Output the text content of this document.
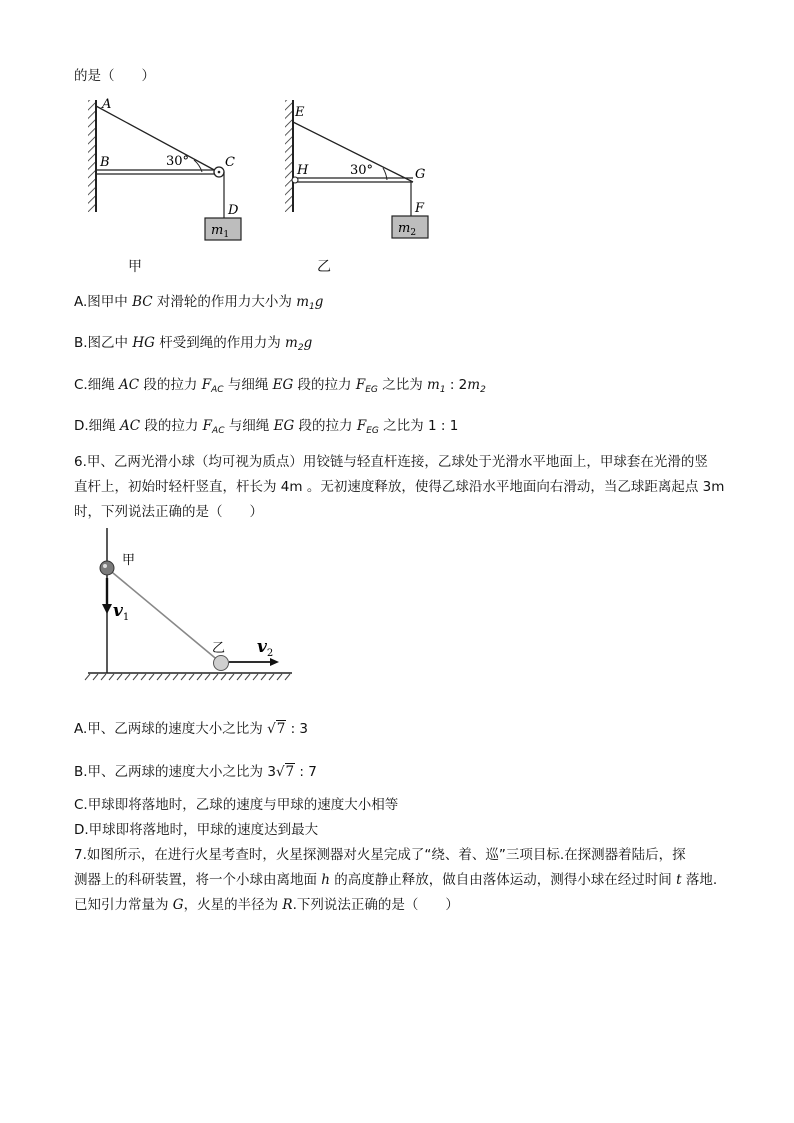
的是（　　）
A
B	C
D
30°
$m_1$
甲
E
H	G
F
30°
$m_2$
乙
A.图甲中 BC 对滑轮的作用力大小为 $m_1g$
B.图乙中 HG 杆受到绳的作用力为 $m_2g$
C.细绳 AC 段的拉力 $F_{AC}$ 与细绳 EG 段的拉力 $F_{EG}$ 之比为 $m_1$ : $2m_2$
D.细绳 AC 段的拉力 $F_{AC}$ 与细绳 EG 段的拉力 $F_{EG}$ 之比为 1 : 1
6.甲、乙两光滑小球（均可视为质点）用铰链与轻直杆连接，乙球处于光滑水平地面上，甲球套在光滑的竖
直杆上，初始时轻杆竖直，杆长为 4m 。无初速度释放，使得乙球沿水平地面向右滑动，当乙球距离起点 3m
时，下列说法正确的是（　　）
甲
乙
$v_1$
$v_2$
A.甲、乙两球的速度大小之比为 √7 : 3
B.甲、乙两球的速度大小之比为 3√7 : 7
C.甲球即将落地时，乙球的速度与甲球的速度大小相等
D.甲球即将落地时，甲球的速度达到最大
7.如图所示，在进行火星考查时，火星探测器对火星完成了“绕、着、巡”三项目标.在探测器着陆后，探
测器上的科研装置，将一个小球由离地面 h 的高度静止释放，做自由落体运动，测得小球在经过时间 t 落地.
已知引力常量为 G，火星的半径为 R.下列说法正确的是（　　）
